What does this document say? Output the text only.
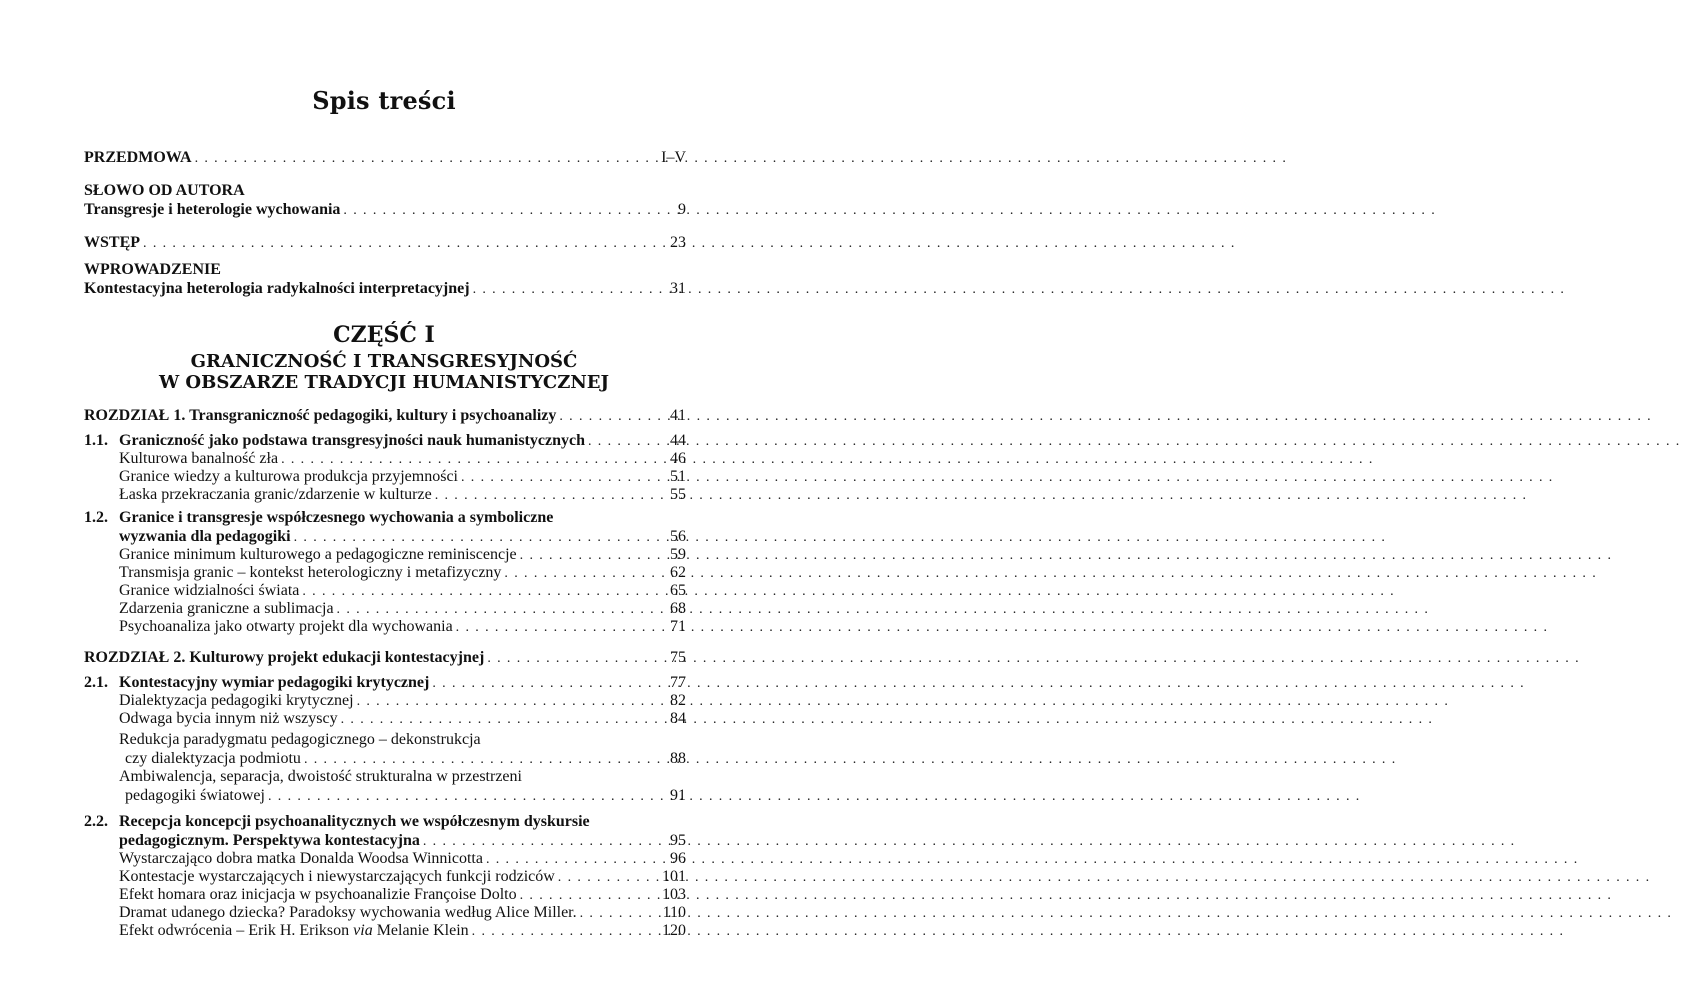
Spis treści
PRZEDMOWA . . .	I–V
SŁOWO OD AUTORA
Transgresje i heterologie wychowania . . .	9
WSTĘP . . .	23
WPROWADZENIE
Kontestacyjna heterologia radykalności interpretacyjnej . . .	31
CZĘŚĆ I
GRANICZNOŚĆ I TRANSGRESYJNOŚĆ
W OBSZARZE TRADYCJI HUMANISTYCZNEJ
ROZDZIAŁ 1. Transgraniczność pedagogiki, kultury i psychoanalizy . . .	41
1.1. Graniczność jako podstawa transgresyjności nauk humanistycznych . . .	44
Kulturowa banalność zła . . .	46
Granice wiedzy a kulturowa produkcja przyjemności . . .	51
Łaska przekraczania granic/zdarzenie w kulturze . . .	55
1.2. Granice i transgresje współczesnego wychowania a symboliczne
wyzwania dla pedagogiki . . .	56
Granice minimum kulturowego a pedagogiczne reminiscencje . . .	59
Transmisja granic – kontekst heterologiczny i metafizyczny . . .	62
Granice widzialności świata . . .	65
Zdarzenia graniczne a sublimacja . . .	68
Psychoanaliza jako otwarty projekt dla wychowania . . .	71
ROZDZIAŁ 2. Kulturowy projekt edukacji kontestacyjnej . . .	75
2.1. Kontestacyjny wymiar pedagogiki krytycznej . . .	77
Dialektyzacja pedagogiki krytycznej . . .	82
Odwaga bycia innym niż wszyscy . . .	84
Redukcja paradygmatu pedagogicznego – dekonstrukcja
czy dialektyzacja podmiotu . . .	88
Ambiwalencja, separacja, dwoistość strukturalna w przestrzeni
pedagogiki światowej . . .	91
2.2. Recepcja koncepcji psychoanalitycznych we współczesnym dyskursie
pedagogicznym. Perspektywa kontestacyjna . . .	95
Wystarczająco dobra matka Donalda Woodsa Winnicotta . . .	96
Kontestacje wystarczających i niewystarczających funkcji rodziców . . .	101
Efekt homara oraz inicjacja w psychoanalizie Françoise Dolto . . .	103
Dramat udanego dziecka? Paradoksy wychowania według Alice Miller. . . .	110
Efekt odwrócenia – Erik H. Erikson via Melanie Klein . . .	120
